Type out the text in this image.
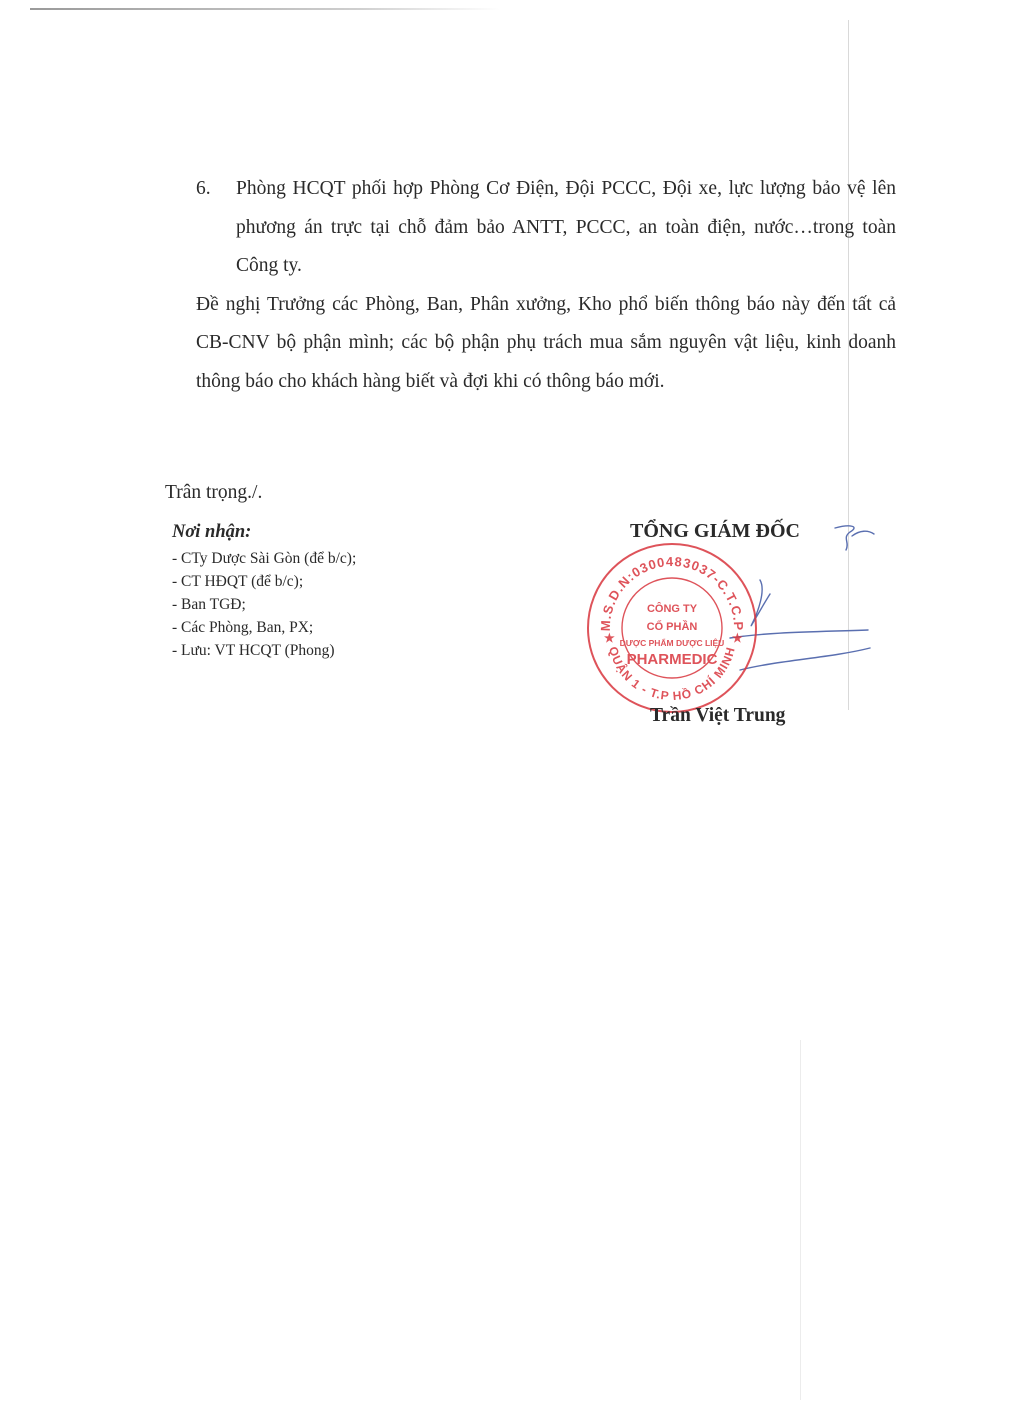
6.	Phòng HCQT phối hợp Phòng Cơ Điện, Đội PCCC, Đội xe, lực lượng bảo vệ lên phương án trực tại chỗ đảm bảo ANTT, PCCC, an toàn điện, nước…trong toàn Công ty.
Đề nghị Trưởng các Phòng, Ban, Phân xưởng, Kho phổ biến thông báo này đến tất cả CB-CNV bộ phận mình; các bộ phận phụ trách mua sắm nguyên vật liệu, kinh doanh thông báo cho khách hàng biết và đợi khi có thông báo mới.
Trân trọng./.
Nơi nhận:
- CTy Dược Sài Gòn (để b/c);
- CT HĐQT (để b/c);
- Ban TGĐ;
- Các Phòng, Ban, PX;
- Lưu: VT HCQT (Phong)
TỔNG GIÁM ĐỐC
M.S.D.N:0300483037-C.T.C.P
QUẬN 1 - T.P HỒ CHÍ MINH
CÔNG TY
CỔ PHẦN
DƯỢC PHẨM DƯỢC LIỆU
PHARMEDIC
★	★
Trần Việt Trung
